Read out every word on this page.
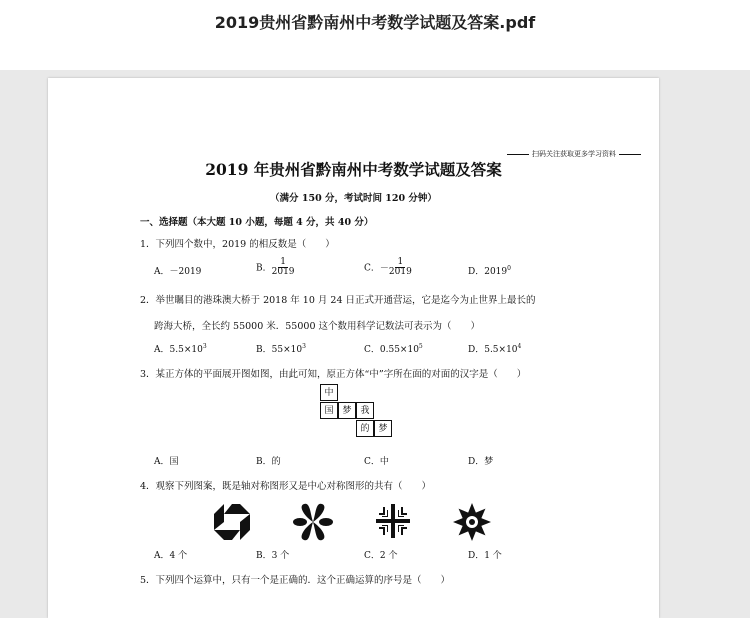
2019贵州省黔南州中考数学试题及答案.pdf
扫码关注获取更多学习资料
2019 年贵州省黔南州中考数学试题及答案
（满分 150 分，考试时间 120 分钟）
一、选择题（本大题 10 小题，每题 4 分，共 40 分）
1．下列四个数中，2019 的相反数是（　　）
A．－2019	B． $\frac{1}{2019}$	C．－ $\frac{1}{2019}$	D．2019$^0$
2．举世瞩目的港珠澳大桥于 2018 年 10 月 24 日正式开通营运，它是迄今为止世界上最长的
跨海大桥，全长约 55000 米．55000 这个数用科学记数法可表示为（　　）
A．$5.5\times 10^3$	B．$55\times 10^3$	C．$0.55\times 10^5$	D．$5.5\times 10^4$
3．某正方体的平面展开图如图，由此可知，原正方体“中”字所在面的对面的汉字是（　　）
中
国 梦 我
的 梦
A．国	B．的	C．中	D．梦
4．观察下列图案，既是轴对称图形又是中心对称图形的共有（　　）
A．4 个	B．3 个	C．2 个	D．1 个
5．下列四个运算中，只有一个是正确的．这个正确运算的序号是（　　）
